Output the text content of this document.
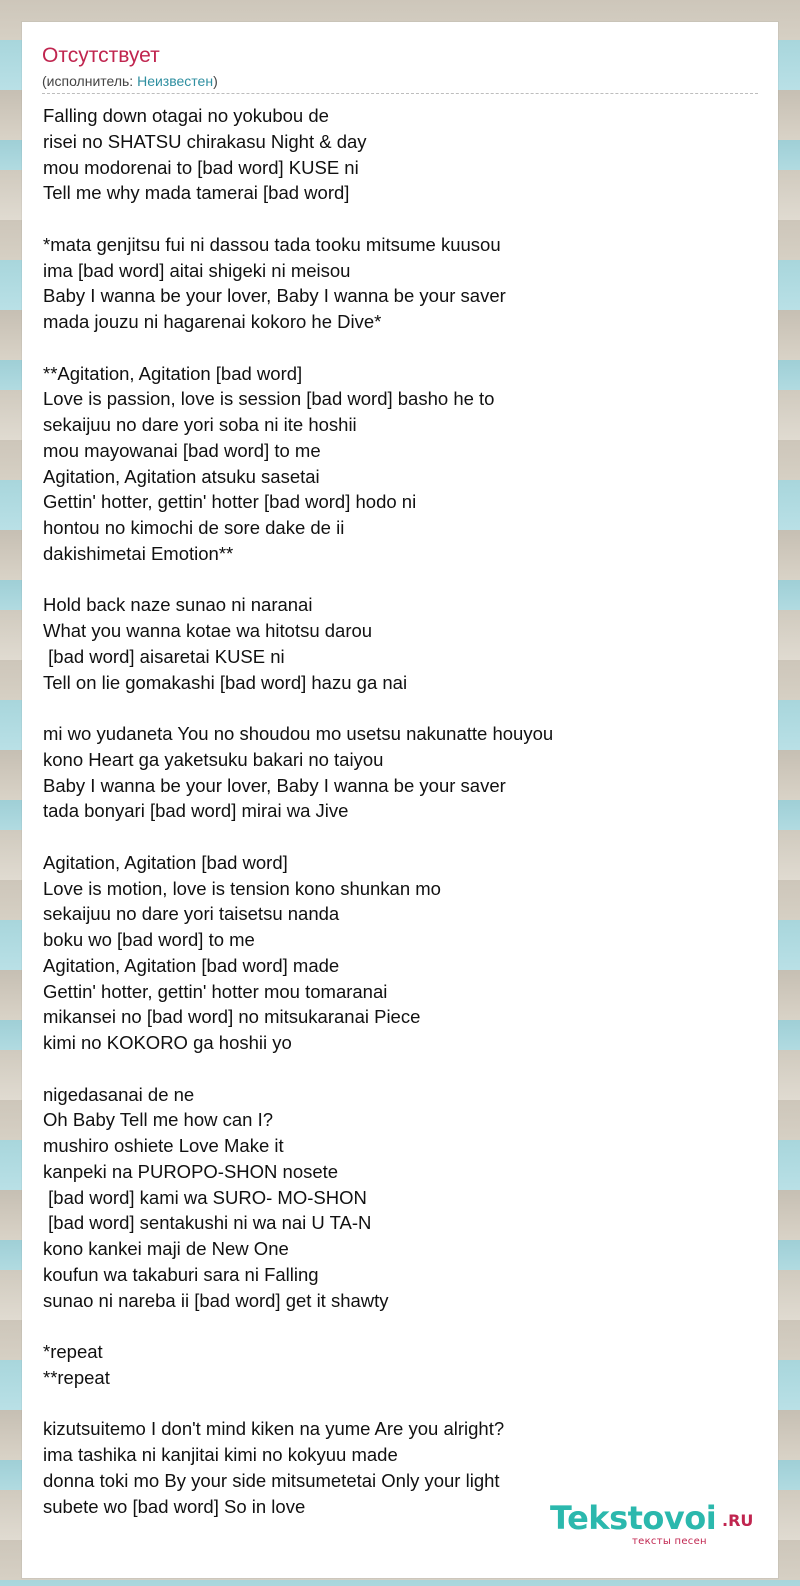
Отсутствует
(исполнитель: Неизвестен)
Falling down otagai no yokubou de
risei no SHATSU chirakasu Night & day
mou modorenai to [bad word] KUSE ni
Tell me why mada tamerai [bad word]
*mata genjitsu fui ni dassou tada tooku mitsume kuusou
ima [bad word] aitai shigeki ni meisou
Baby I wanna be your lover, Baby I wanna be your saver
mada jouzu ni hagarenai kokoro he Dive*
**Agitation, Agitation [bad word]
Love is passion, love is session [bad word] basho he to
sekaijuu no dare yori soba ni ite hoshii
mou mayowanai [bad word] to me
Agitation, Agitation atsuku sasetai
Gettin' hotter, gettin' hotter [bad word] hodo ni
hontou no kimochi de sore dake de ii
dakishimetai Emotion**
Hold back naze sunao ni naranai
What you wanna kotae wa hitotsu darou
[bad word] aisaretai KUSE ni
Tell on lie gomakashi [bad word] hazu ga nai
mi wo yudaneta You no shoudou mo usetsu nakunatte houyou
kono Heart ga yaketsuku bakari no taiyou
Baby I wanna be your lover, Baby I wanna be your saver
tada bonyari [bad word] mirai wa Jive
Agitation, Agitation [bad word]
Love is motion, love is tension kono shunkan mo
sekaijuu no dare yori taisetsu nanda
boku wo [bad word] to me
Agitation, Agitation [bad word] made
Gettin' hotter, gettin' hotter mou tomaranai
mikansei no [bad word] no mitsukaranai Piece
kimi no KOKORO ga hoshii yo
nigedasanai de ne
Oh Baby Tell me how can I?
mushiro oshiete Love Make it
kanpeki na PUROPO-SHON nosete
[bad word] kami wa SURO- MO-SHON
[bad word] sentakushi ni wa nai U TA-N
kono kankei maji de New One
koufun wa takaburi sara ni Falling
sunao ni nareba ii [bad word] get it shawty
*repeat
**repeat
kizutsuitemo I don't mind kiken na yume Are you alright?
ima tashika ni kanjitai kimi no kokyuu made
donna toki mo By your side mitsumetetai Only your light
subete wo [bad word] So in love	Tekstovoi .RU
тексты песен
